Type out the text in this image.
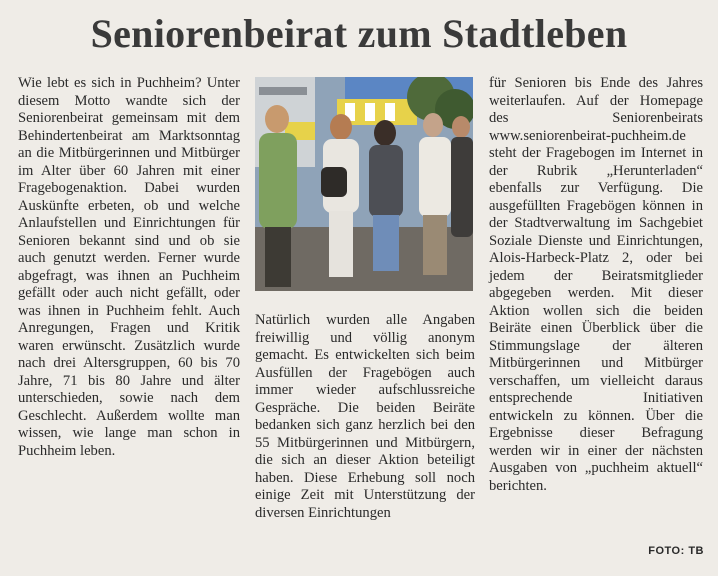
Seniorenbeirat zum Stadtleben

Wie lebt es sich in Puchheim? Unter diesem Motto wandte sich der Seniorenbeirat gemeinsam mit dem Behindertenbeirat am Marktsonntag an die Mitbürgerinnen und Mitbürger im Alter über 60 Jahren mit einer Fragebogenaktion. Dabei wurden Auskünfte erbeten, ob und welche Anlaufstellen und Einrichtungen für Senioren bekannt sind und ob sie auch genutzt werden. Ferner wurde abgefragt, was ihnen an Puchheim gefällt oder auch nicht gefällt, oder was ihnen in Puchheim fehlt. Auch Anregungen, Fragen und Kritik waren erwünscht. Zusätzlich wurde nach drei Altersgruppen, 60 bis 70 Jahre, 71 bis 80 Jahre und älter unterschieden, sowie nach dem Geschlecht. Außerdem wollte man wissen, wie lange man schon in Puchheim leben.

Natürlich wurden alle Angaben freiwillig und völlig anonym gemacht. Es entwickelten sich beim Ausfüllen der Fragebögen auch immer wieder aufschlussreiche Gespräche. Die beiden Beiräte bedanken sich ganz herzlich bei den 55 Mitbürgerinnen und Mitbürgern, die sich an dieser Aktion beteiligt haben. Diese Erhebung soll noch einige Zeit mit Unterstützung der diversen Einrichtungen

für Senioren bis Ende des Jahres weiterlaufen. Auf der Homepage des Seniorenbeirats www.seniorenbeirat-puchheim.de steht der Fragebogen im Internet in der Rubrik „Herunterladen“ ebenfalls zur Verfügung. Die ausgefüllten Fragebögen können in der Stadtverwaltung im Sachgebiet Soziale Dienste und Einrichtungen, Alois-Harbeck-Platz 2, oder bei jedem der Beiratsmitglieder abgegeben werden. Mit dieser Aktion wollen sich die beiden Beiräte einen Überblick über die Stimmungslage der älteren Mitbürgerinnen und Mitbürger verschaffen, um vielleicht daraus entsprechende Initiativen entwickeln zu können. Über die Ergebnisse dieser Befragung werden wir in einer der nächsten Ausgaben von „puchheim aktuell“ berichten.

FOTO: TB
